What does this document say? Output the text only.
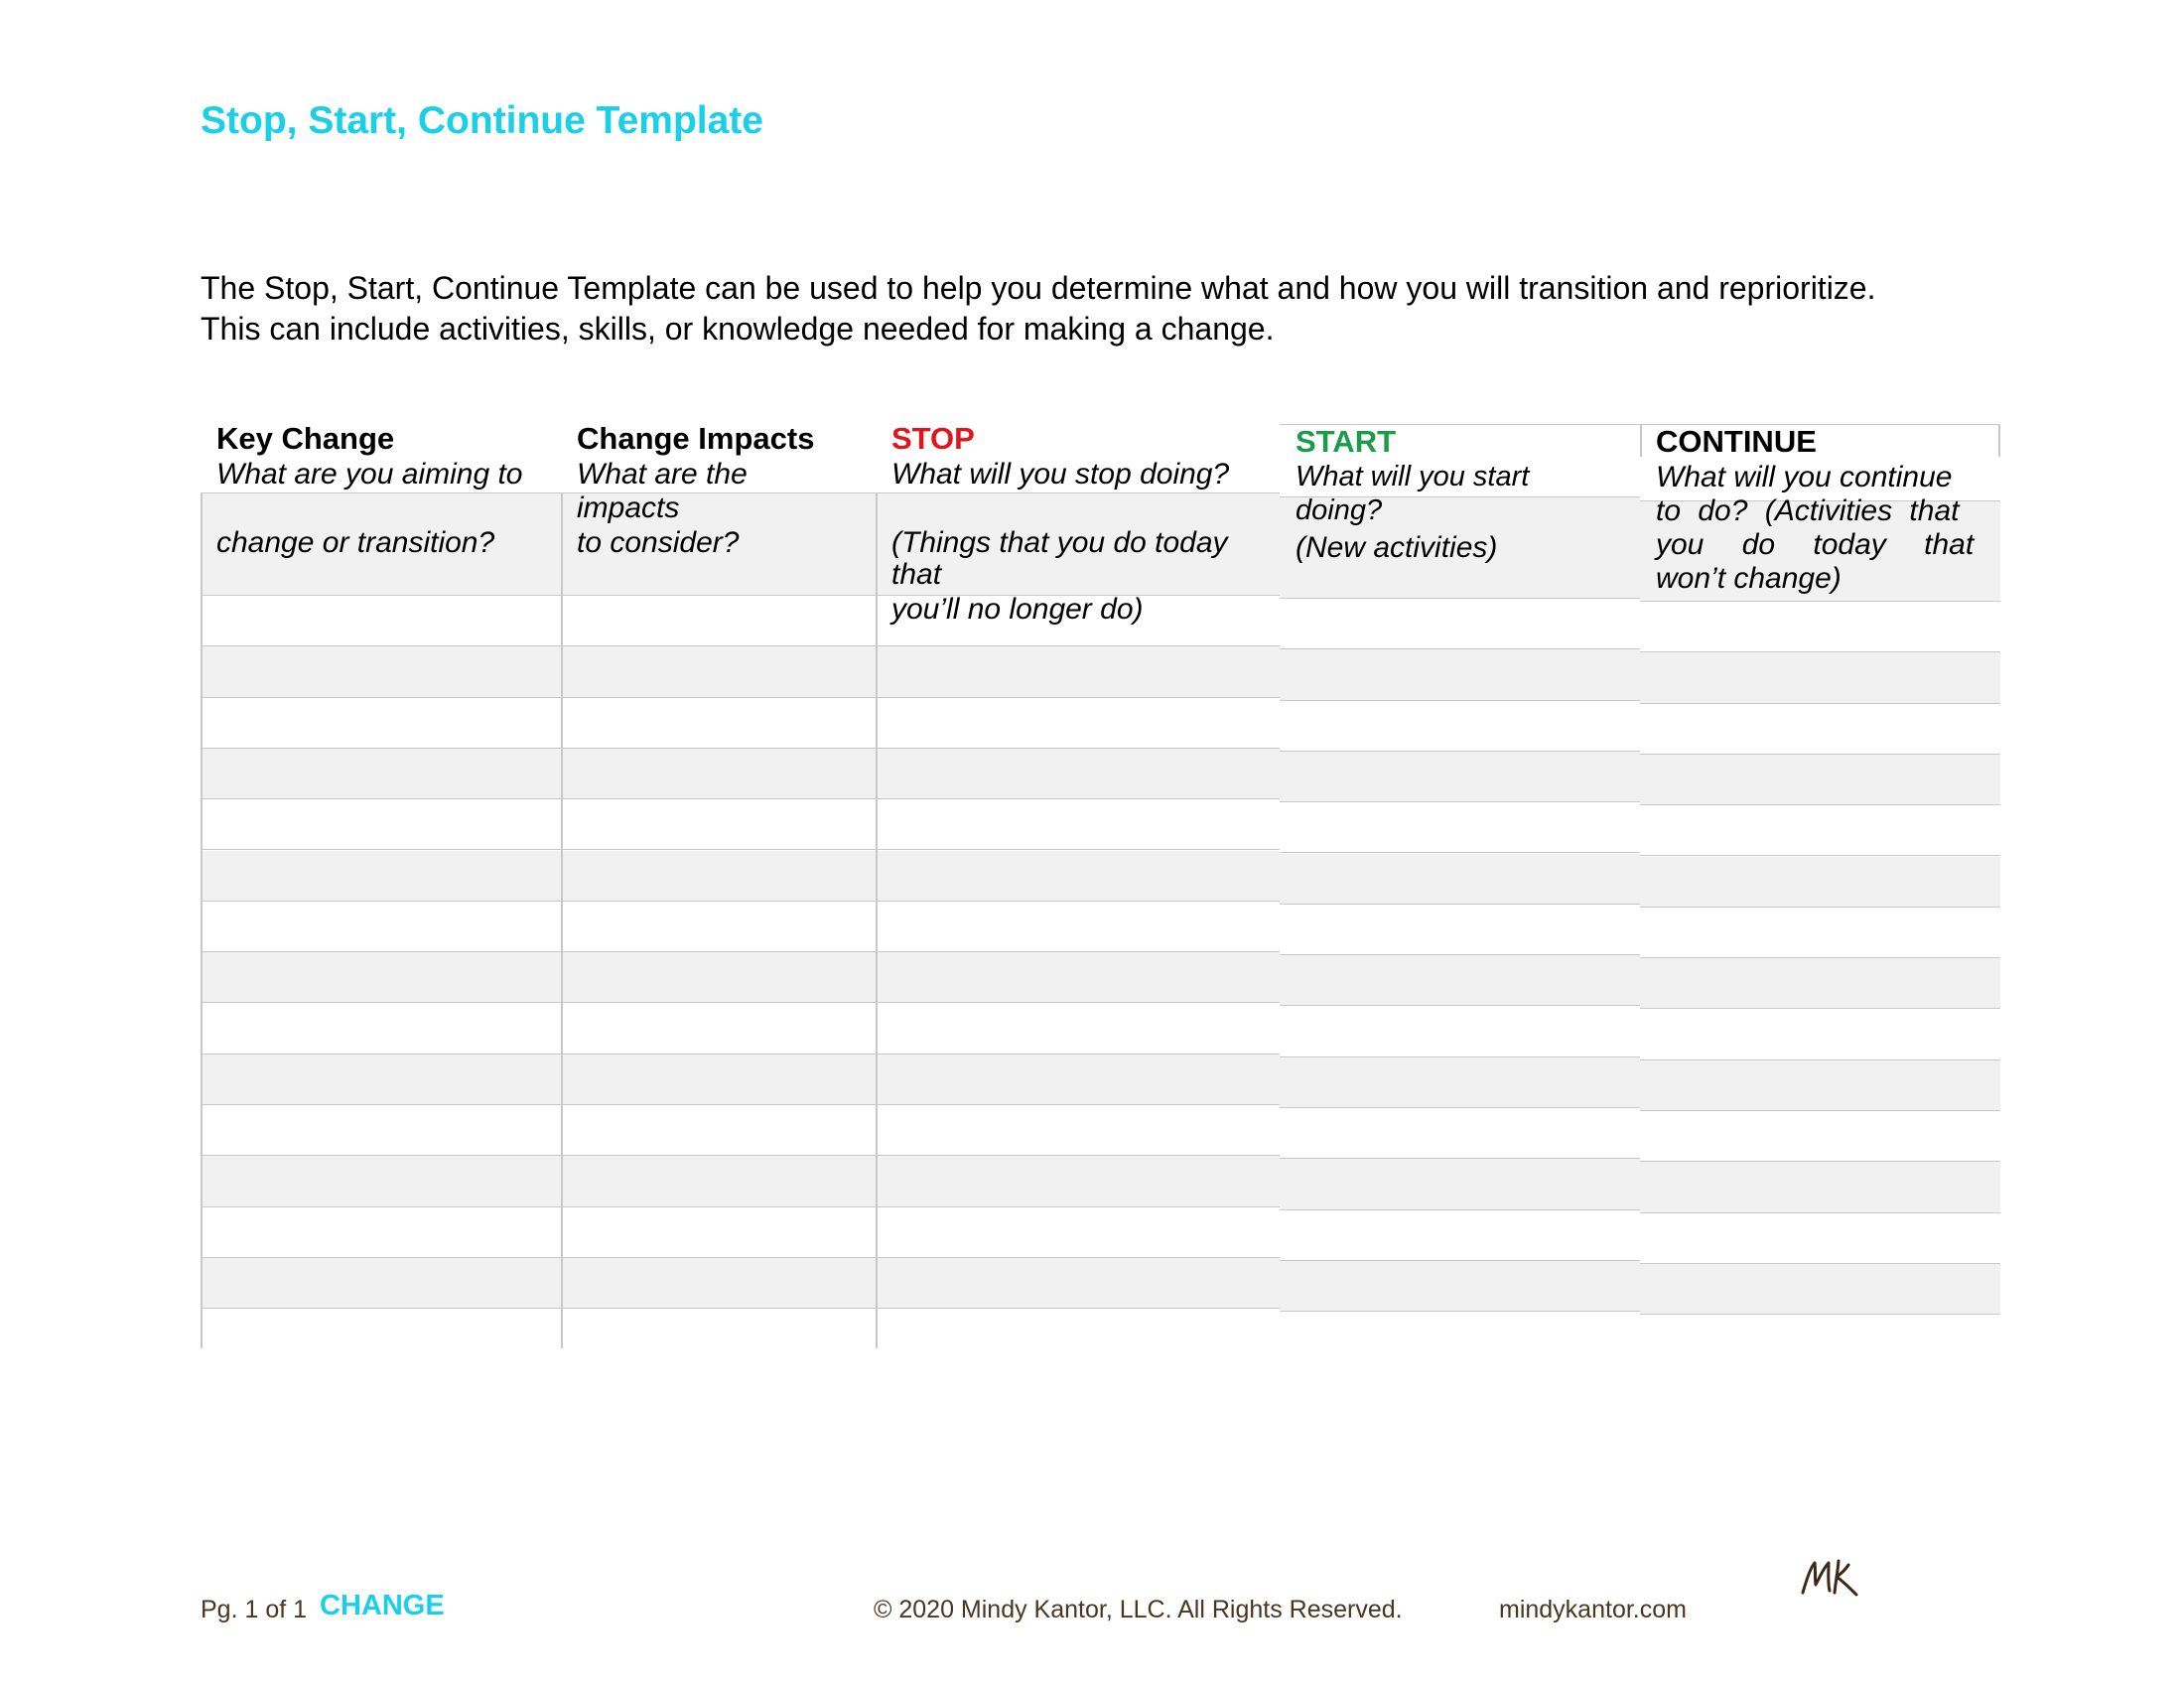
Stop, Start, Continue Template

The Stop, Start, Continue Template can be used to help you determine what and how you will transition and reprioritize.

This can include activities, skills, or knowledge needed for making a change.

Key Change
What are you aiming to
change or transition?
Change Impacts
What are the
impacts
to consider?
STOP
What will you stop doing?
(Things that you do today
that
you’ll no longer do)
START
What will you start
doing?
(New activities)
CONTINUE
What will you continue
to do? (Activities that
you do today that
won’t change)
Pg. 1 of 1 CHANGE	© 2020 Mindy Kantor, LLC. All Rights Reserved.	mindykantor.com
